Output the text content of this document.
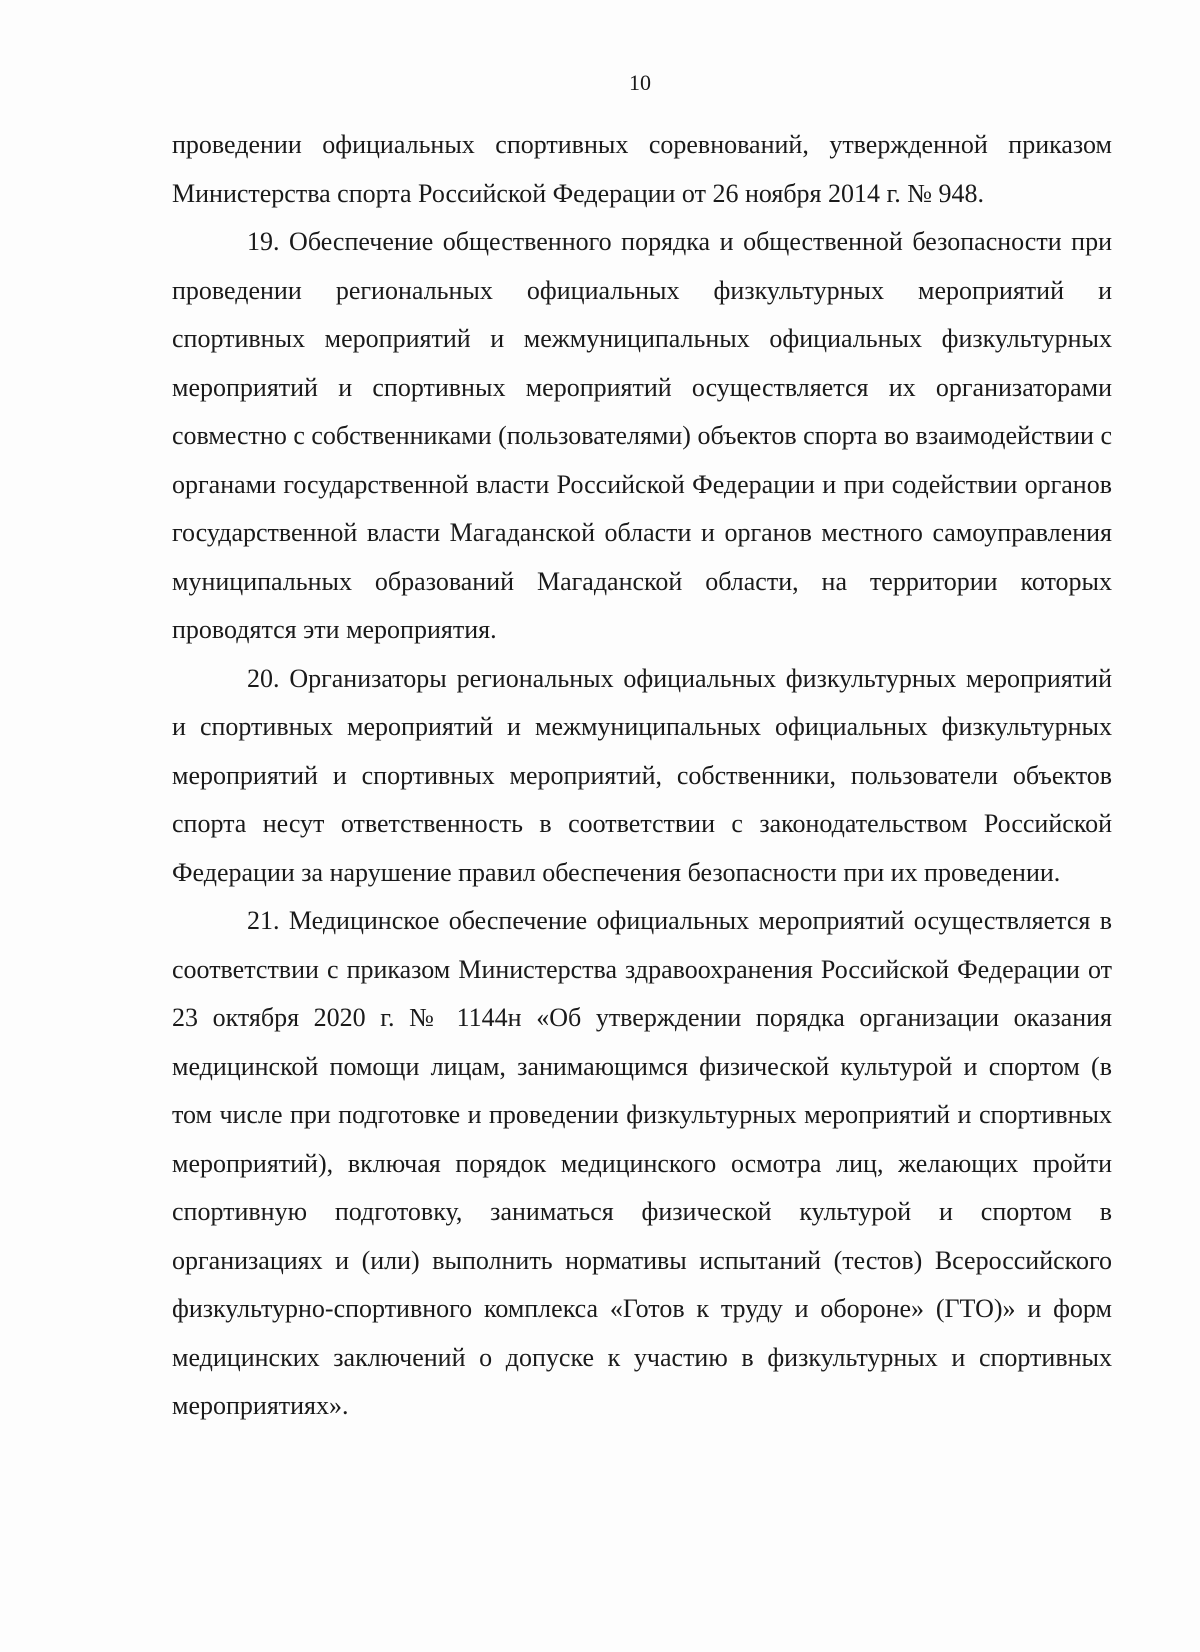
10

проведении официальных спортивных соревнований, утвержденной приказом Министерства спорта Российской Федерации от 26 ноября 2014 г. № 948.

19. Обеспечение общественного порядка и общественной безопасности при проведении региональных официальных физкультурных мероприятий и спортивных мероприятий и межмуниципальных официальных физкультурных мероприятий и спортивных мероприятий осуществляется их организаторами совместно с собственниками (пользователями) объектов спорта во взаимодействии с органами государственной власти Российской Федерации и при содействии органов государственной власти Магаданской области и органов местного самоуправления муниципальных образований Магаданской области, на территории которых проводятся эти мероприятия.

20. Организаторы региональных официальных физкультурных мероприятий и спортивных мероприятий и межмуниципальных официальных физкультурных мероприятий и спортивных мероприятий, собственники, пользователи объектов спорта несут ответственность в соответствии с законодательством Российской Федерации за нарушение правил обеспечения безопасности при их проведении.

21. Медицинское обеспечение официальных мероприятий осуществляется в соответствии с приказом Министерства здравоохранения Российской Федерации от 23 октября 2020 г. № 1144н «Об утверждении порядка организации оказания медицинской помощи лицам, занимающимся физической культурой и спортом (в том числе при подготовке и проведении физкультурных мероприятий и спортивных мероприятий), включая порядок медицинского осмотра лиц, желающих пройти спортивную подготовку, заниматься физической культурой и спортом в организациях и (или) выполнить нормативы испытаний (тестов) Всероссийского физкультурно-спортивного комплекса «Готов к труду и обороне» (ГТО)» и форм медицинских заключений о допуске к участию в физкультурных и спортивных мероприятиях».
